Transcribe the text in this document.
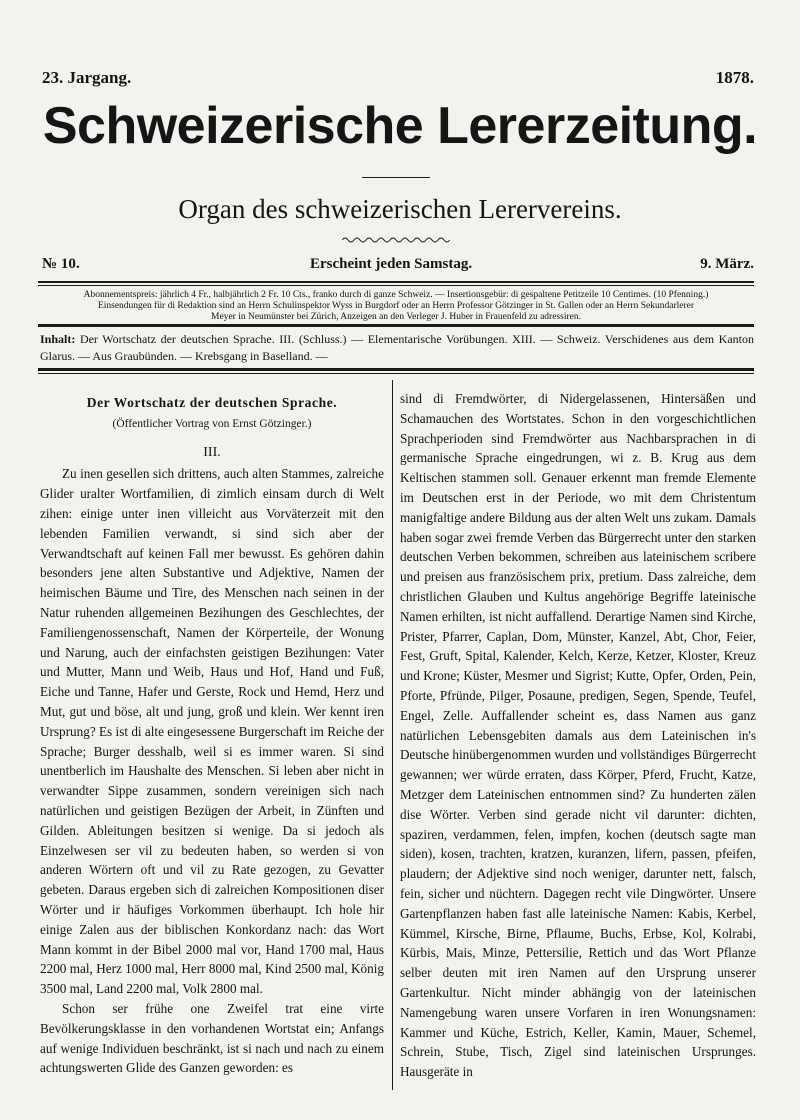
23. Jargang.	1878.
Schweizerische Lererzeitung.
Organ des schweizerischen Lerervereins.
№ 10.	Erscheint jeden Samstag.	9. März.
Abonnementspreis: jährlich 4 Fr., halbjährlich 2 Fr. 10 Cts., franko durch di ganze Schweiz. — Insertionsgebür: di gespaltene Petitzeile 10 Centimes. (10 Pfenning.)
Einsendungen für di Redaktion sind an Herrn Schulinspektor Wyss in Burgdorf oder an Herrn Professor Götzinger in St. Gallen oder an Herrn Sekundarlerer
Meyer in Neumünster bei Zürich, Anzeigen an den Verleger J. Huber in Frauenfeld zu adressiren.
Inhalt: Der Wortschatz der deutschen Sprache. III. (Schluss.) — Elementarische Vorübungen. XIII. — Schweiz. Verschidenes aus dem Kanton Glarus. — Aus Graubünden. — Krebsgang in Baselland. —
Der Wortschatz der deutschen Sprache.
(Öffentlicher Vortrag von Ernst Götzinger.)
III.

Zu inen gesellen sich drittens, auch alten Stammes, zalreiche Glider uralter Wortfamilien, di zimlich einsam durch di Welt zihen: einige unter inen villeicht aus Vorväterzeit mit den lebenden Familien verwandt, si sind sich aber der Verwandtschaft auf keinen Fall mer bewusst. Es gehören dahin besonders jene alten Substantive und Adjektive, Namen der heimischen Bäume und Tire, des Menschen nach seinen in der Natur ruhenden allgemeinen Bezihungen des Geschlechtes, der Familiengenossenschaft, Namen der Körperteile, der Wonung und Narung, auch der einfachsten geistigen Bezihungen: Vater und Mutter, Mann und Weib, Haus und Hof, Hand und Fuß, Eiche und Tanne, Hafer und Gerste, Rock und Hemd, Herz und Mut, gut und böse, alt und jung, groß und klein. Wer kennt iren Ursprung? Es ist di alte eingesessene Burgerschaft im Reiche der Sprache; Burger desshalb, weil si es immer waren. Si sind unentberlich im Haushalte des Menschen. Si leben aber nicht in verwandter Sippe zusammen, sondern vereinigen sich nach natürlichen und geistigen Bezügen der Arbeit, in Zünften und Gilden. Ableitungen besitzen si wenige. Da si jedoch als Einzelwesen ser vil zu bedeuten haben, so werden si von anderen Wörtern oft und vil zu Rate gezogen, zu Gevatter gebeten. Daraus ergeben sich di zalreichen Kompositionen diser Wörter und ir häufiges Vorkommen überhaupt. Ich hole hir einige Zalen aus der biblischen Konkordanz nach: das Wort Mann kommt in der Bibel 2000 mal vor, Hand 1700 mal, Haus 2200 mal, Herz 1000 mal, Herr 8000 mal, Kind 2500 mal, König 3500 mal, Land 2200 mal, Volk 2800 mal.

Schon ser frühe one Zweifel trat eine virte Bevölkerungsklasse in den vorhandenen Wortstat ein; Anfangs auf wenige Individuen beschränkt, ist si nach und nach zu einem achtungswerten Glide des Ganzen geworden: es

sind di Fremdwörter, di Nidergelassenen, Hintersäßen und Schamauchen des Wortstates. Schon in den vorgeschichtlichen Sprachperioden sind Fremdwörter aus Nachbarsprachen in di germanische Sprache eingedrungen, wi z. B. Krug aus dem Keltischen stammen soll. Genauer erkennt man fremde Elemente im Deutschen erst in der Periode, wo mit dem Christentum manigfaltige andere Bildung aus der alten Welt uns zukam. Damals haben sogar zwei fremde Verben das Bürgerrecht unter den starken deutschen Verben bekommen, schreiben aus lateinischem scribere und preisen aus französischem prix, pretium. Dass zalreiche, dem christlichen Glauben und Kultus angehörige Begriffe lateinische Namen erhilten, ist nicht auffallend. Derartige Namen sind Kirche, Prister, Pfarrer, Caplan, Dom, Münster, Kanzel, Abt, Chor, Feier, Fest, Gruft, Spital, Kalender, Kelch, Kerze, Ketzer, Kloster, Kreuz und Krone; Küster, Mesmer und Sigrist; Kutte, Opfer, Orden, Pein, Pforte, Pfründe, Pilger, Posaune, predigen, Segen, Spende, Teufel, Engel, Zelle. Auffallender scheint es, dass Namen aus ganz natürlichen Lebensgebiten damals aus dem Lateinischen in's Deutsche hinübergenommen wurden und vollständiges Bürgerrecht gewannen; wer würde erraten, dass Körper, Pferd, Frucht, Katze, Metzger dem Lateinischen entnommen sind? Zu hunderten zälen dise Wörter. Verben sind gerade nicht vil darunter: dichten, spaziren, verdammen, felen, impfen, kochen (deutsch sagte man siden), kosen, trachten, kratzen, kuranzen, lifern, passen, pfeifen, plaudern; der Adjektive sind noch weniger, darunter nett, falsch, fein, sicher und nüchtern. Dagegen recht vile Dingwörter. Unsere Gartenpflanzen haben fast alle lateinische Namen: Kabis, Kerbel, Kümmel, Kirsche, Birne, Pflaume, Buchs, Erbse, Kol, Kolrabi, Kürbis, Mais, Minze, Pettersilie, Rettich und das Wort Pflanze selber deuten mit iren Namen auf den Ursprung unserer Gartenkultur. Nicht minder abhängig von der lateinischen Namengebung waren unsere Vorfaren in iren Wonungsnamen: Kammer und Küche, Estrich, Keller, Kamin, Mauer, Schemel, Schrein, Stube, Tisch, Zigel sind lateinischen Ursprunges. Hausgeräte in
